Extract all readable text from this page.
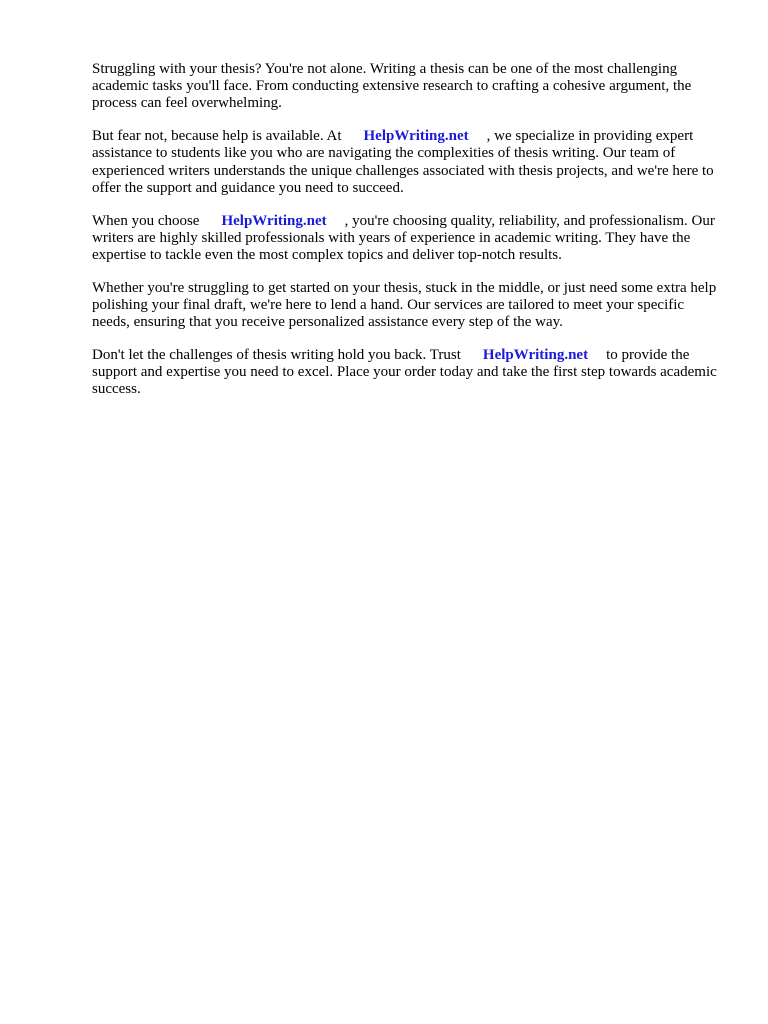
Struggling with your thesis? You're not alone. Writing a thesis can be one of the most challenging academic tasks you'll face. From conducting extensive research to crafting a cohesive argument, the process can feel overwhelming.

But fear not, because help is available. At HelpWriting.net , we specialize in providing expert assistance to students like you who are navigating the complexities of thesis writing. Our team of experienced writers understands the unique challenges associated with thesis projects, and we're here to offer the support and guidance you need to succeed.

When you choose HelpWriting.net , you're choosing quality, reliability, and professionalism. Our writers are highly skilled professionals with years of experience in academic writing. They have the expertise to tackle even the most complex topics and deliver top-notch results.

Whether you're struggling to get started on your thesis, stuck in the middle, or just need some extra help polishing your final draft, we're here to lend a hand. Our services are tailored to meet your specific needs, ensuring that you receive personalized assistance every step of the way.

Don't let the challenges of thesis writing hold you back. Trust HelpWriting.net to provide the support and expertise you need to excel. Place your order today and take the first step towards academic success.
